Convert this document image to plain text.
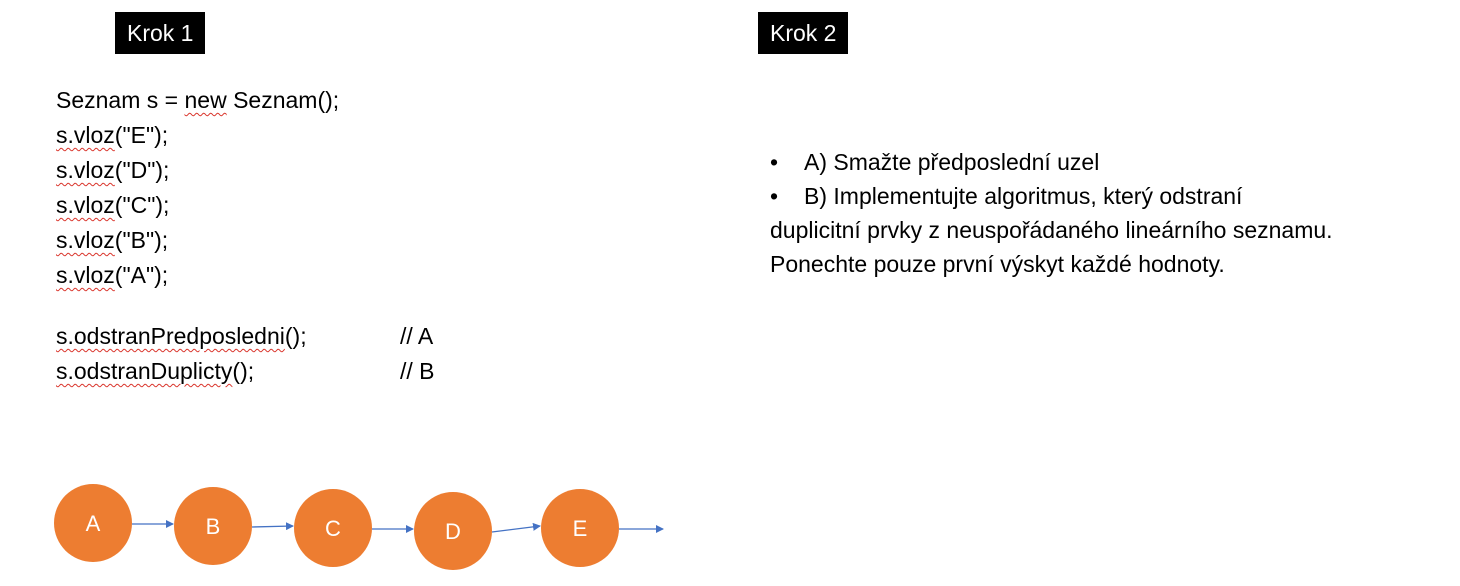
Krok 1	Krok 2
Seznam s = new Seznam();
s.vloz("E");
s.vloz("D");
s.vloz("C");
s.vloz("B");
s.vloz("A");
s.odstranPredposledni();	// A
s.odstranDuplicty();	// B
• A) Smažte předposlední uzel
• B) Implementujte algoritmus, který odstraní
duplicitní prvky z neuspořádaného lineárního seznamu.
Ponechte pouze první výskyt každé hodnoty.
A	B	C	D	E
